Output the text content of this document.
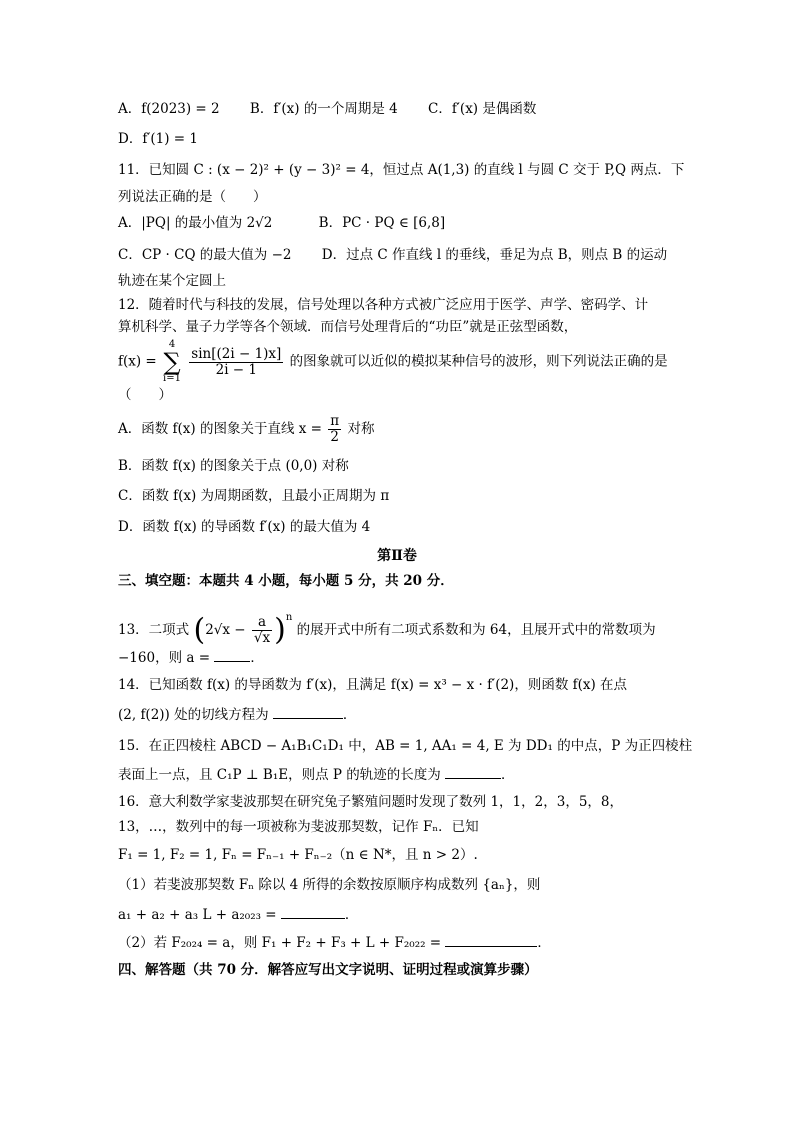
A．f(2023) = 2 B．f′(x) 的一个周期是 4 C．f′(x) 是偶函数
D．f′(1) = 1
11．已知圆 C : (x − 2)² + (y − 3)² = 4，恒过点 A(1,3) 的直线 l 与圆 C 交于 P,Q 两点．下
列说法正确的是（　　）
A．|PQ| 的最小值为 2√2	B．PC · PQ ∈ [6,8]
C．CP · CQ 的最大值为 −2 D．过点 C 作直线 l 的垂线，垂足为点 B，则点 B 的运动
轨迹在某个定圆上
12．随着时代与科技的发展，信号处理以各种方式被广泛应用于医学、声学、密码学、计
算机科学、量子力学等各个领域．而信号处理背后的“功臣”就是正弦型函数，
f(x) = 4
∑
i=1
$\frac{\sin[(2i - 1)x]}{2i - 1}$ 的图象就可以近似的模拟某种信号的波形，则下列说法正确的是
（　　）
A．函数 f(x) 的图象关于直线 $x = \frac{\pi}{2}$ 对称
B．函数 f(x) 的图象关于点 (0,0) 对称
C．函数 f(x) 为周期函数，且最小正周期为 π
D．函数 f(x) 的导函数 f′(x) 的最大值为 4
第Ⅱ卷
三、填空题：本题共 4 小题，每小题 5 分，共 20 分．
13．二项式 $(2√x - \frac{a}{√x} )^n$ 的展开式中所有二项式系数和为 64，且展开式中的常数项为
−160，则 a =	．
14．已知函数 f(x) 的导函数为 f′(x)，且满足 f(x) = x³ − x · f′(2)，则函数 f(x) 在点
(2, f(2)) 处的切线方程为	．
15．在正四棱柱 ABCD − A₁B₁C₁D₁ 中，AB = 1, AA₁ = 4, E 为 DD₁ 的中点，P 为正四棱柱
表面上一点，且 C₁P ⊥ B₁E，则点 P 的轨迹的长度为	．
16．意大利数学家斐波那契在研究兔子繁殖问题时发现了数列 1，1，2，3，5，8，
13，…，数列中的每一项被称为斐波那契数，记作 Fₙ．已知
F₁ = 1, F₂ = 1, Fₙ = Fₙ₋₁ + Fₙ₋₂（n ∈ N*，且 n > 2）.
（1）若斐波那契数 Fₙ 除以 4 所得的余数按原顺序构成数列 {aₙ}，则
a₁ + a₂ + a₃ L + a₂₀₂₃ =	．
（2）若 F₂₀₂₄ = a，则 F₁ + F₂ + F₃ + L + F₂₀₂₂ =	．
四、解答题（共 70 分．解答应写出文字说明、证明过程或演算步骤）
